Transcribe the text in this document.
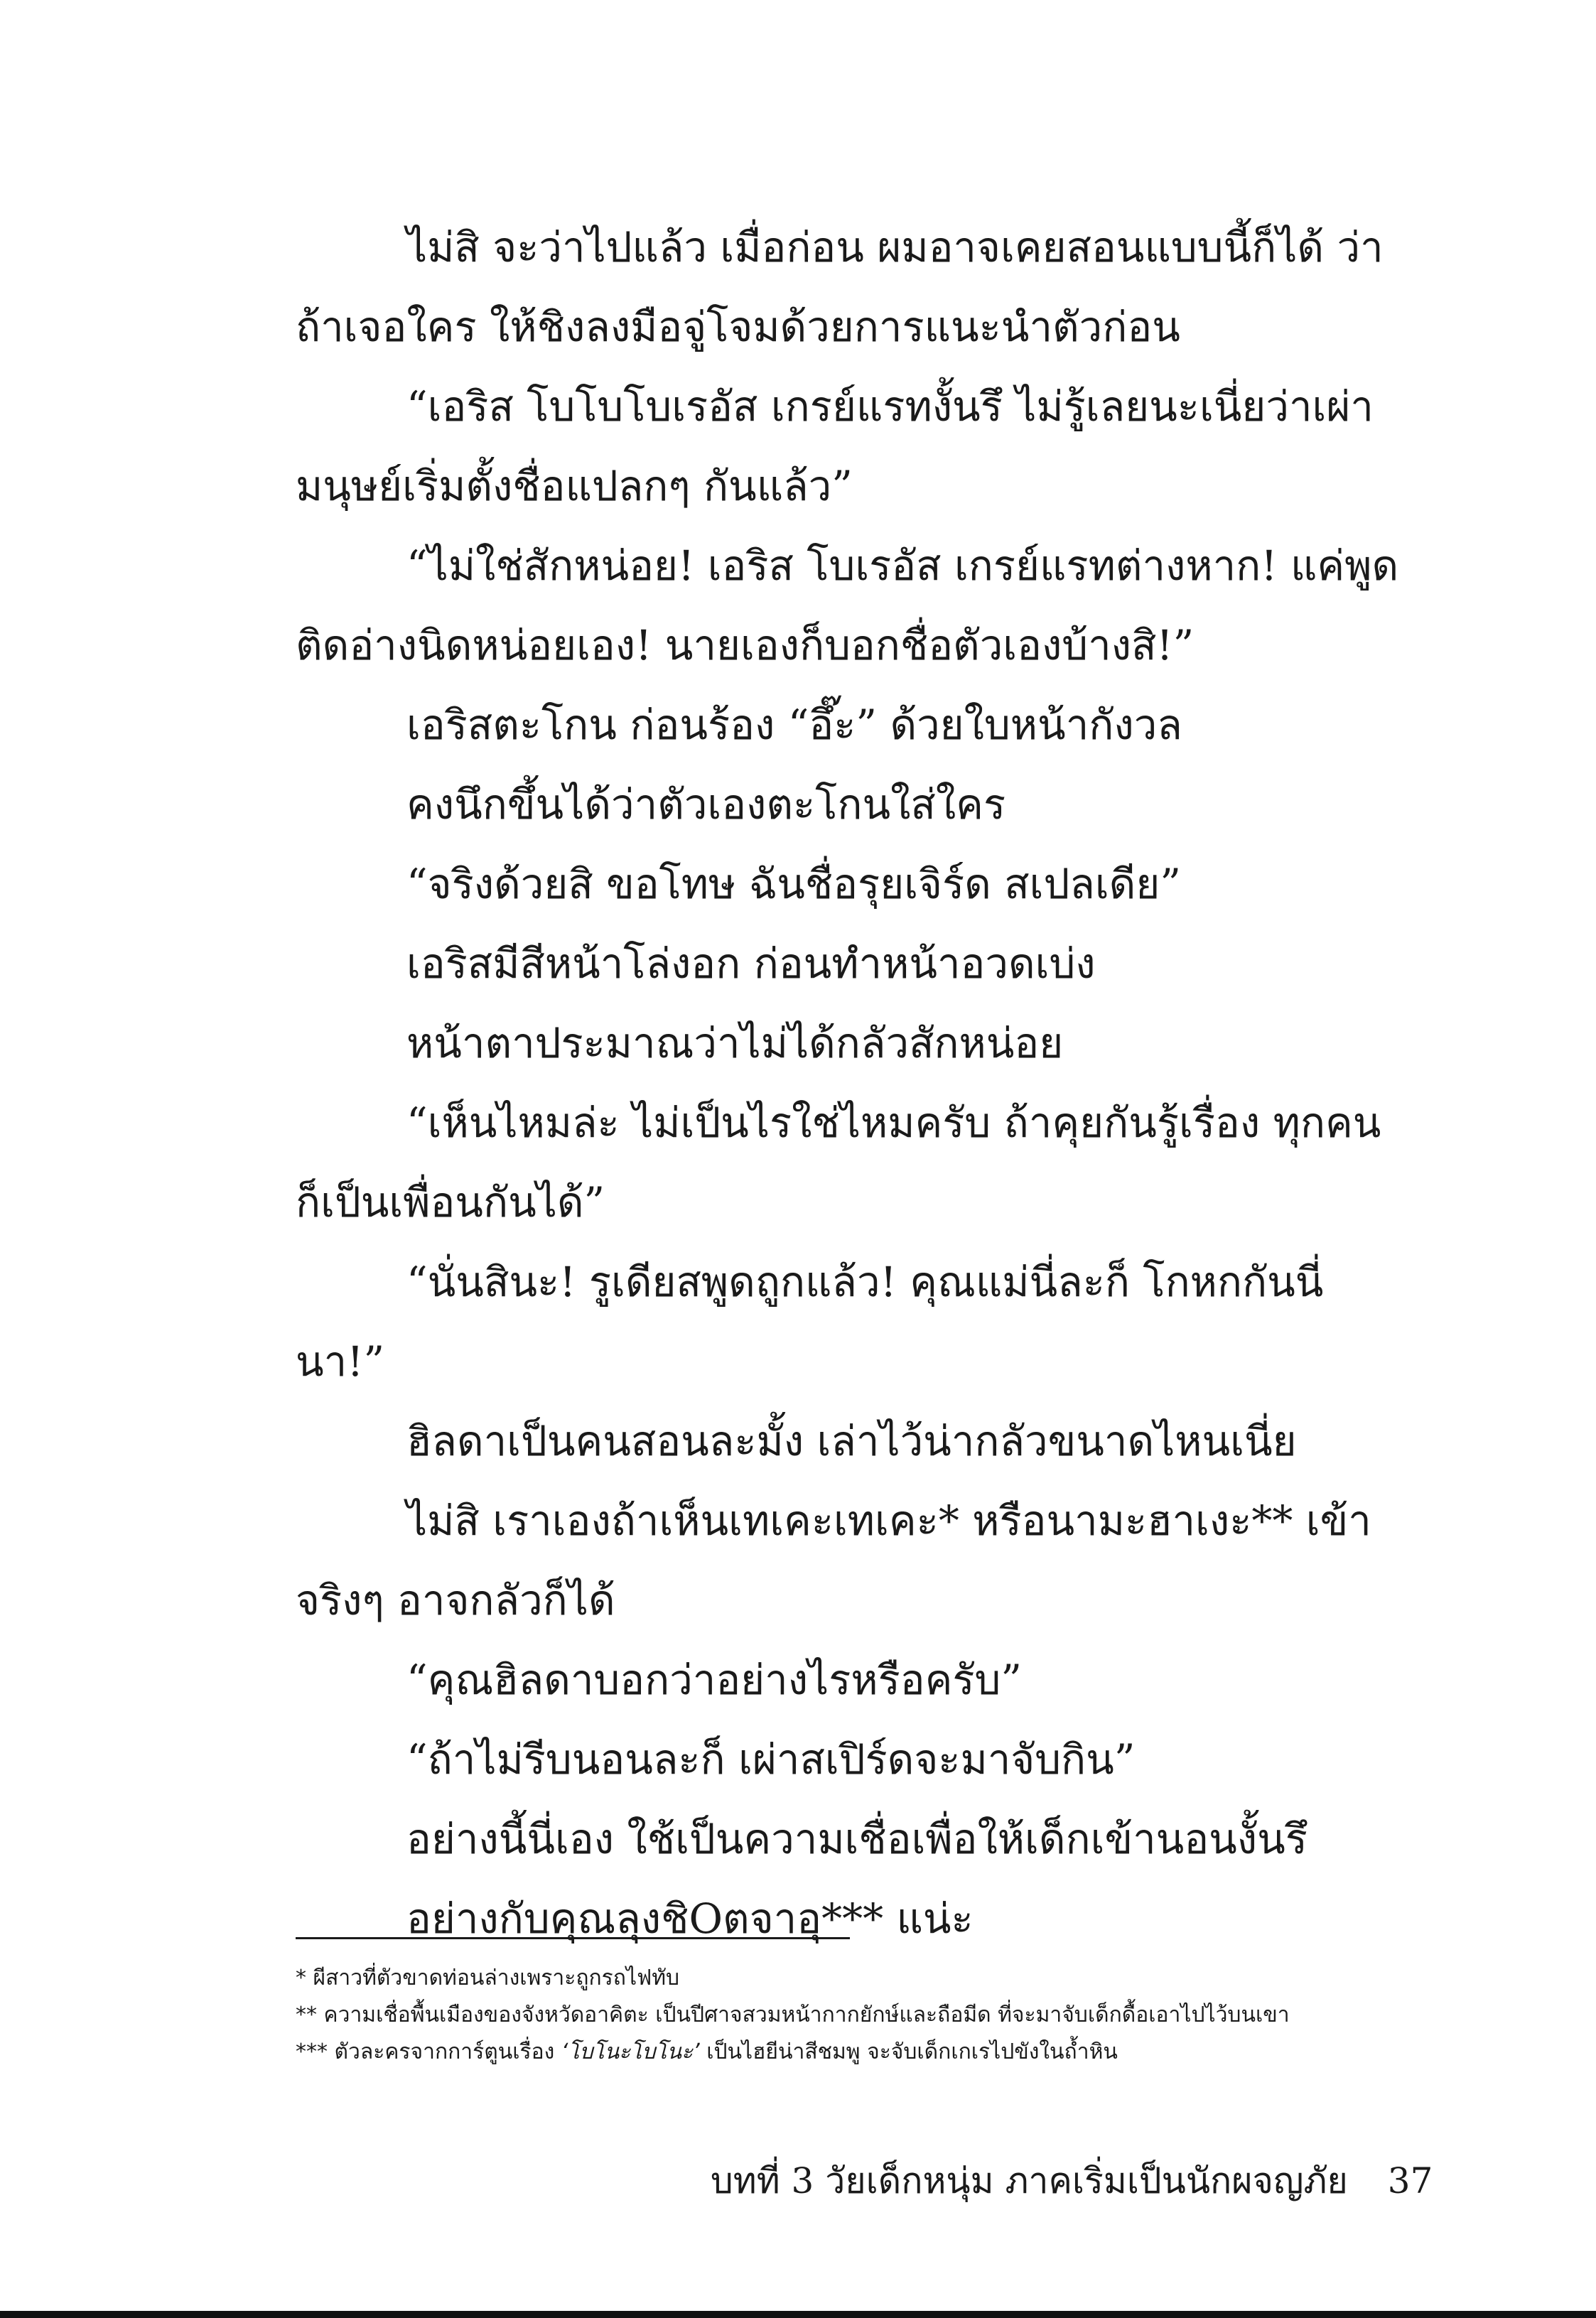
ไม่สิ จะว่าไปแล้ว เมื่อก่อน ผมอาจเคยสอนแบบนี้ก็ได้ ว่าถ้าเจอใคร ให้ชิงลงมือจู่โจมด้วยการแนะนำตัวก่อน

“เอริส โบโบโบเรอัส เกรย์แรทงั้นรึ ไม่รู้เลยนะเนี่ยว่าเผ่ามนุษย์เริ่มตั้งชื่อแปลกๆ กันแล้ว”

“ไม่ใช่สักหน่อย! เอริส โบเรอัส เกรย์แรทต่างหาก! แค่พูดติดอ่างนิดหน่อยเอง! นายเองก็บอกชื่อตัวเองบ้างสิ!”

เอริสตะโกน ก่อนร้อง “อึ๊ะ” ด้วยใบหน้ากังวล

คงนึกขึ้นได้ว่าตัวเองตะโกนใส่ใคร

“จริงด้วยสิ ขอโทษ ฉันชื่อรุยเจิร์ด สเปลเดีย”

เอริสมีสีหน้าโล่งอก ก่อนทำหน้าอวดเบ่ง

หน้าตาประมาณว่าไม่ได้กลัวสักหน่อย

“เห็นไหมล่ะ ไม่เป็นไรใช่ไหมครับ ถ้าคุยกันรู้เรื่อง ทุกคนก็เป็นเพื่อนกันได้”

“นั่นสินะ! รูเดียสพูดถูกแล้ว! คุณแม่นี่ละก็ โกหกกันนี่นา!”

ฮิลดาเป็นคนสอนละมั้ง เล่าไว้น่ากลัวขนาดไหนเนี่ย

ไม่สิ เราเองถ้าเห็นเทเคะเทเคะ* หรือนามะฮาเงะ** เข้าจริงๆ อาจกลัวก็ได้

“คุณฮิลดาบอกว่าอย่างไรหรือครับ”

“ถ้าไม่รีบนอนละก็ เผ่าสเปิร์ดจะมาจับกิน”

อย่างนี้นี่เอง ใช้เป็นความเชื่อเพื่อให้เด็กเข้านอนงั้นรึ

อย่างกับคุณลุงชิOตจาอุ*** แน่ะ

* ผีสาวที่ตัวขาดท่อนล่างเพราะถูกรถไฟทับ

** ความเชื่อพื้นเมืองของจังหวัดอาคิตะ เป็นปีศาจสวมหน้ากากยักษ์และถือมีด ที่จะมาจับเด็กดื้อเอาไปไว้บนเขา

*** ตัวละครจากการ์ตูนเรื่อง ‘โบโนะโบโนะ’ เป็นไฮยีน่าสีชมพู จะจับเด็กเกเรไปขังในถ้ำหิน

บทที่ 3 วัยเด็กหนุ่ม ภาคเริ่มเป็นนักผจญภัย 37
